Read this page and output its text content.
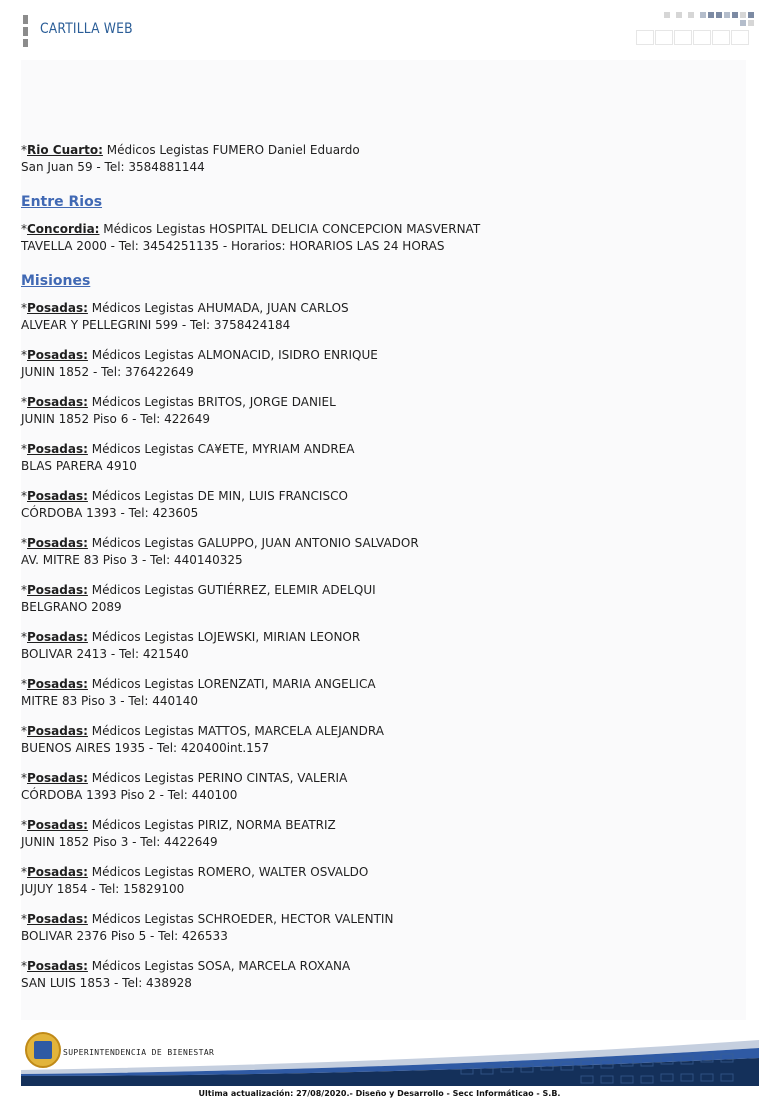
CARTILLA WEB
*Rio Cuarto: Médicos Legistas FUMERO Daniel Eduardo
San Juan 59 - Tel: 3584881144
Entre Rios
*Concordia: Médicos Legistas HOSPITAL DELICIA CONCEPCION MASVERNAT
TAVELLA 2000 - Tel: 3454251135 - Horarios: HORARIOS LAS 24 HORAS
Misiones
*Posadas: Médicos Legistas AHUMADA, JUAN CARLOS
ALVEAR Y PELLEGRINI 599 - Tel: 3758424184
*Posadas: Médicos Legistas ALMONACID, ISIDRO ENRIQUE
JUNIN 1852 - Tel: 376422649
*Posadas: Médicos Legistas BRITOS, JORGE DANIEL
JUNIN 1852 Piso 6 - Tel: 422649
*Posadas: Médicos Legistas CA¥ETE, MYRIAM ANDREA
BLAS PARERA 4910
*Posadas: Médicos Legistas DE MIN, LUIS FRANCISCO
CÓRDOBA 1393 - Tel: 423605
*Posadas: Médicos Legistas GALUPPO, JUAN ANTONIO SALVADOR
AV. MITRE 83 Piso 3 - Tel: 440140325
*Posadas: Médicos Legistas GUTIÉRREZ, ELEMIR ADELQUI
BELGRANO 2089
*Posadas: Médicos Legistas LOJEWSKI, MIRIAN LEONOR
BOLIVAR 2413 - Tel: 421540
*Posadas: Médicos Legistas LORENZATI, MARIA ANGELICA
MITRE 83 Piso 3 - Tel: 440140
*Posadas: Médicos Legistas MATTOS, MARCELA ALEJANDRA
BUENOS AIRES 1935 - Tel: 420400int.157
*Posadas: Médicos Legistas PERINO CINTAS, VALERIA
CÓRDOBA 1393 Piso 2 - Tel: 440100
*Posadas: Médicos Legistas PIRIZ, NORMA BEATRIZ
JUNIN 1852 Piso 3 - Tel: 4422649
*Posadas: Médicos Legistas ROMERO, WALTER OSVALDO
JUJUY 1854 - Tel: 15829100
*Posadas: Médicos Legistas SCHROEDER, HECTOR VALENTIN
BOLIVAR 2376 Piso 5 - Tel: 426533
*Posadas: Médicos Legistas SOSA, MARCELA ROXANA
SAN LUIS 1853 - Tel: 438928
SUPERINTENDENCIA DE BIENESTAR
Ultima actualización: 27/08/2020.- Diseño y Desarrollo - Secc Informáticao - S.B.
